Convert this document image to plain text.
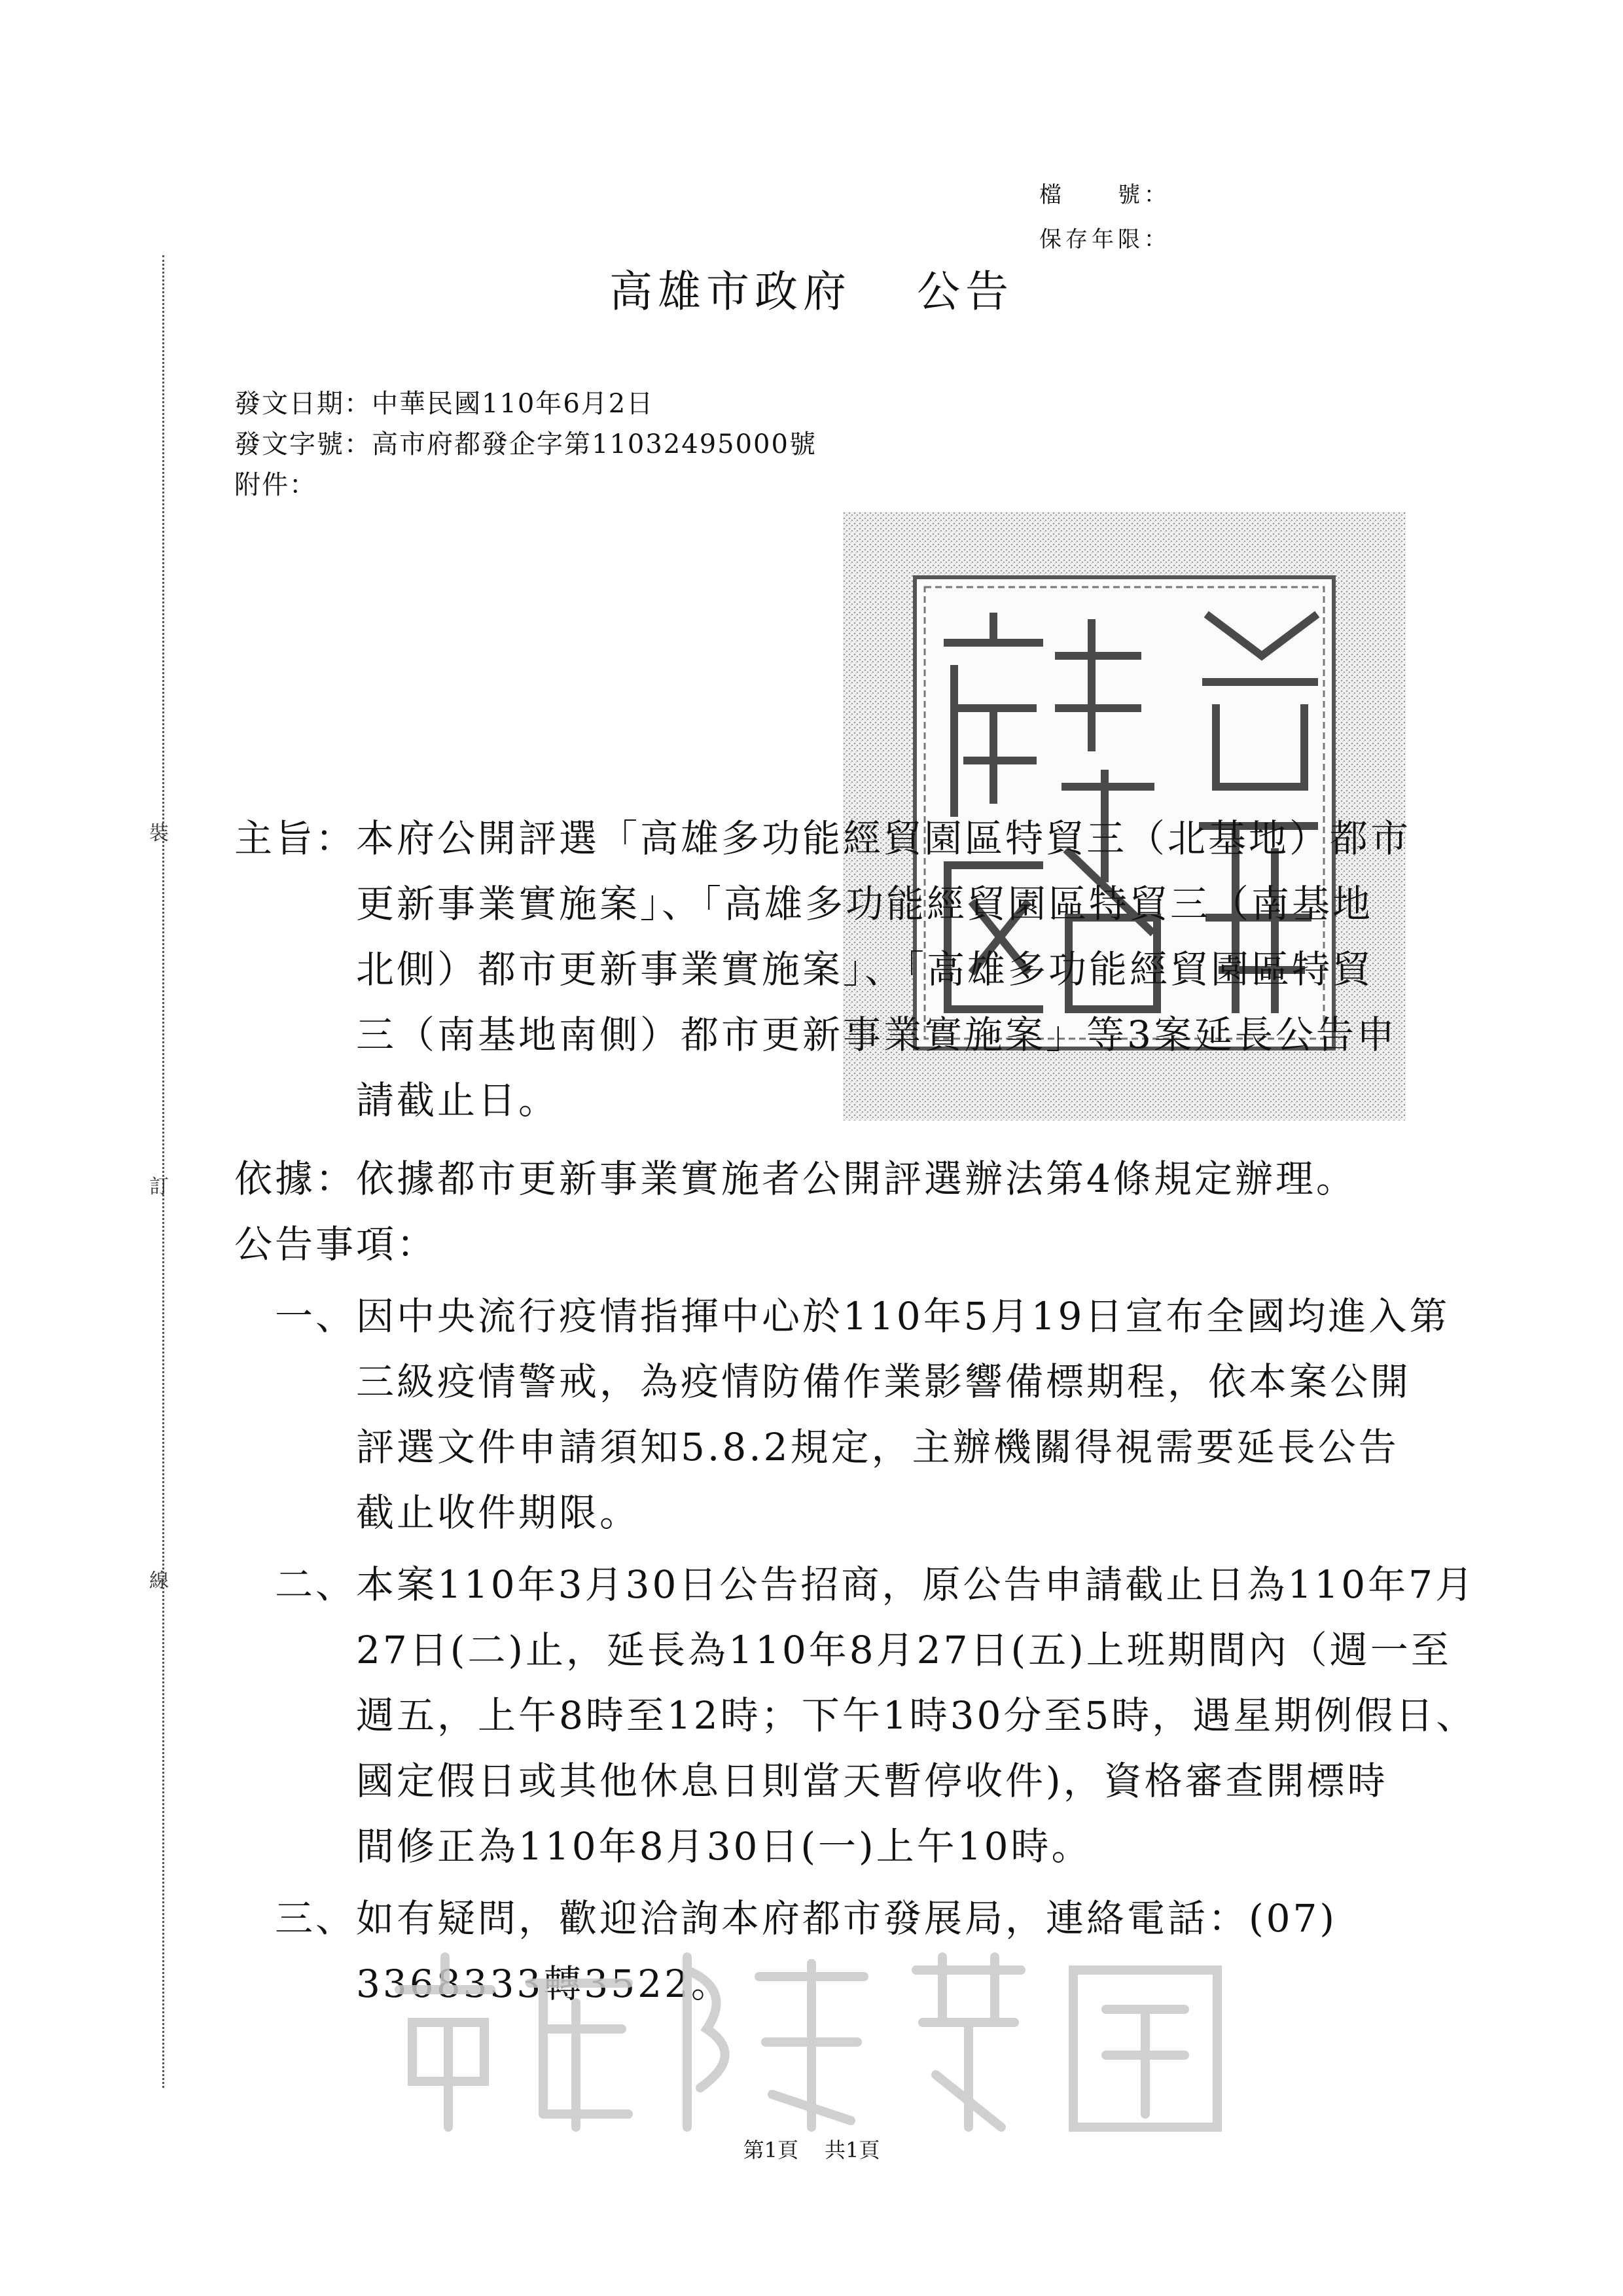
檔　　號：
保存年限：
裝
訂
線
高雄市政府 公告
發文日期：中華民國110年6月2日
發文字號：高市府都發企字第11032495000號
附件：
主旨： 本府公開評選「高雄多功能經貿園區特貿三（北基地）都市
更新事業實施案」、「高雄多功能經貿園區特貿三（南基地
北側）都市更新事業實施案」、「高雄多功能經貿園區特貿
三（南基地南側）都市更新事業實施案」等3案延長公告申
請截止日。
依據： 依據都市更新事業實施者公開評選辦法第4條規定辦理。
公告事項：
一、 因中央流行疫情指揮中心於110年5月19日宣布全國均進入第
三級疫情警戒，為疫情防備作業影響備標期程，依本案公開
評選文件申請須知5.8.2規定，主辦機關得視需要延長公告
截止收件期限。
二、 本案110年3月30日公告招商，原公告申請截止日為110年7月
27日(二)止，延長為110年8月27日(五)上班期間內（週一至
週五，上午8時至12時；下午1時30分至5時，遇星期例假日、
國定假日或其他休息日則當天暫停收件)，資格審查開標時
間修正為110年8月30日(一)上午10時。
三、 如有疑問，歡迎洽詢本府都市發展局，連絡電話：(07)
3368333轉3522。
第1頁 共1頁
